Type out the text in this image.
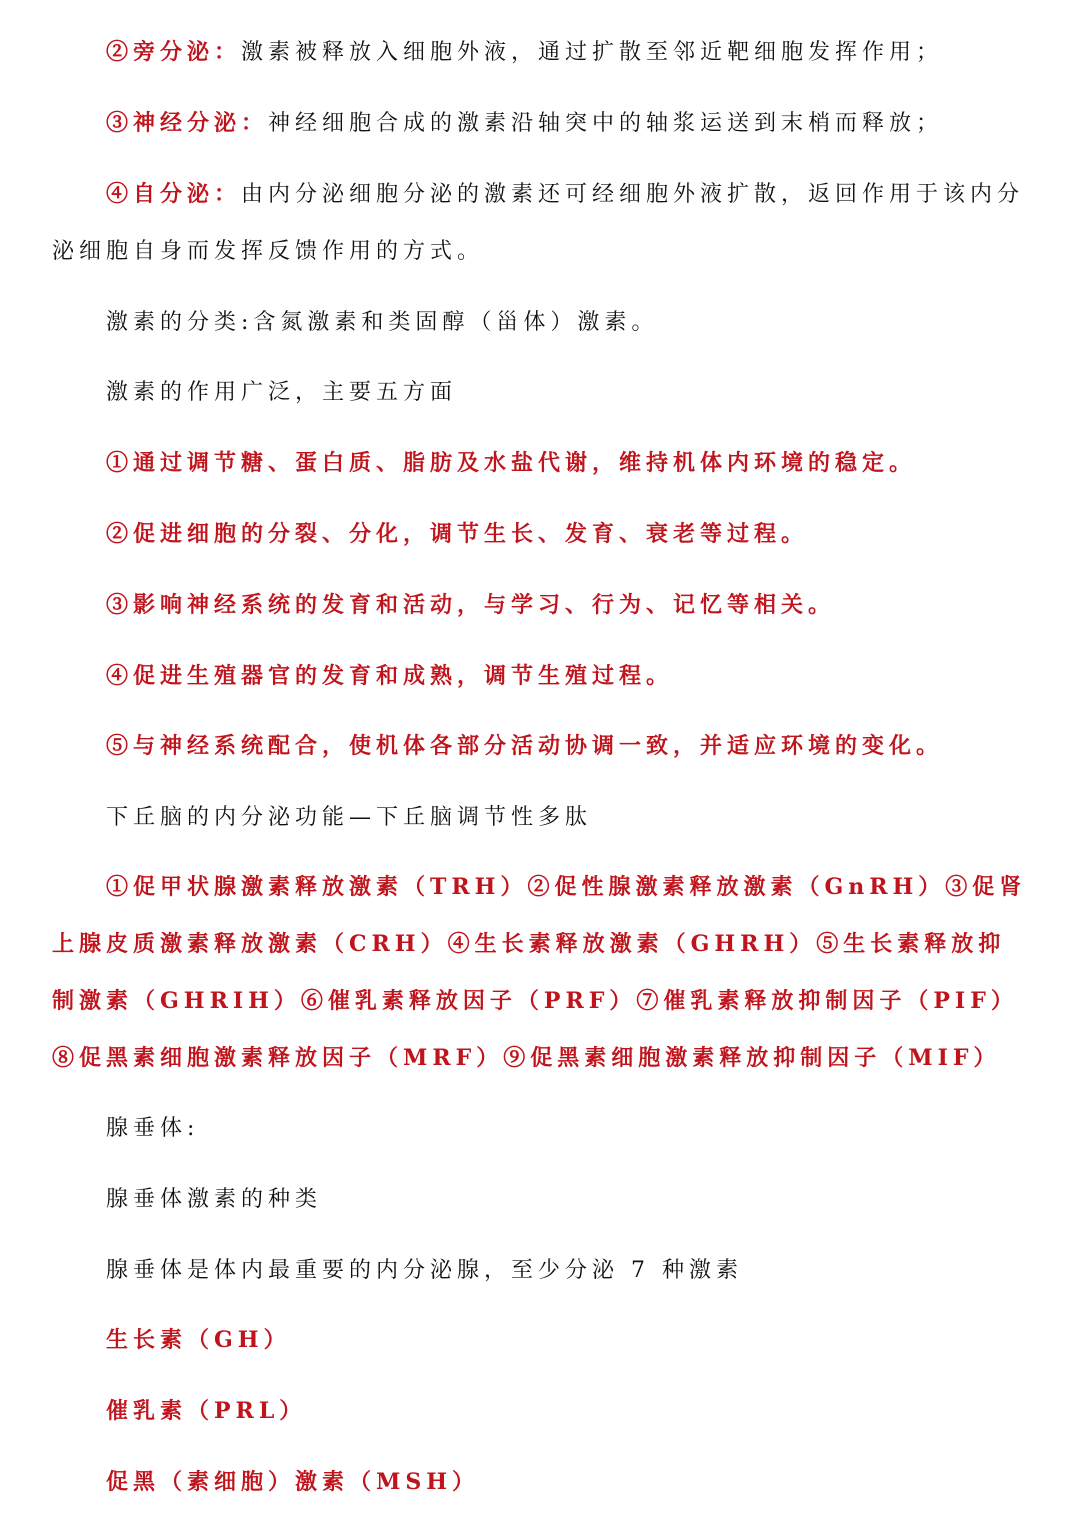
②旁分泌：激素被释放入细胞外液，通过扩散至邻近靶细胞发挥作用；

③神经分泌：神经细胞合成的激素沿轴突中的轴浆运送到末梢而释放；

④自分泌：由内分泌细胞分泌的激素还可经细胞外液扩散，返回作用于该内分泌细胞自身而发挥反馈作用的方式。

激素的分类:含氮激素和类固醇（甾体）激素。

激素的作用广泛，主要五方面

①通过调节糖、蛋白质、脂肪及水盐代谢，维持机体内环境的稳定。

②促进细胞的分裂、分化，调节生长、发育、衰老等过程。

③影响神经系统的发育和活动，与学习、行为、记忆等相关。

④促进生殖器官的发育和成熟，调节生殖过程。

⑤与神经系统配合，使机体各部分活动协调一致，并适应环境的变化。

下丘脑的内分泌功能—下丘脑调节性多肽

①促甲状腺激素释放激素（TRH）②促性腺激素释放激素（GnRH）③促肾上腺皮质激素释放激素（CRH）④生长素释放激素（GHRH）⑤生长素释放抑制激素（GHRIH）⑥催乳素释放因子（PRF）⑦催乳素释放抑制因子（PIF）⑧促黑素细胞激素释放因子（MRF）⑨促黑素细胞激素释放抑制因子（MIF）

腺垂体:

腺垂体激素的种类

腺垂体是体内最重要的内分泌腺，至少分泌 7 种激素

生长素（GH）

催乳素（PRL）

促黑（素细胞）激素（MSH）
